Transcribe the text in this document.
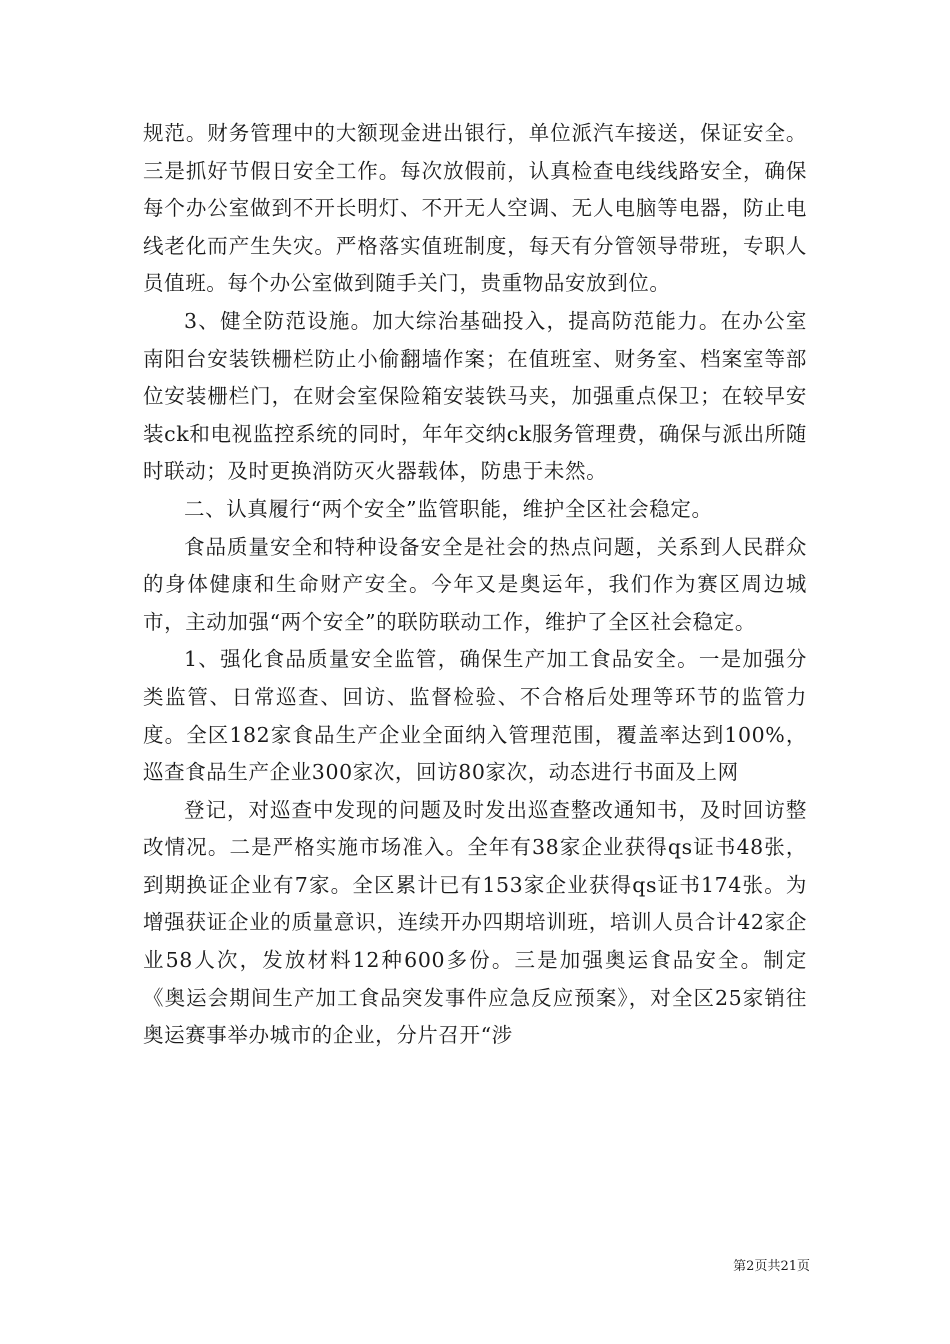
规范。财务管理中的大额现金进出银行，单位派汽车接送，保证安全。三是抓好节假日安全工作。每次放假前，认真检查电线线路安全，确保每个办公室做到不开长明灯、不开无人空调、无人电脑等电器，防止电线老化而产生失灾。严格落实值班制度，每天有分管领导带班，专职人员值班。每个办公室做到随手关门，贵重物品安放到位。

3、健全防范设施。加大综治基础投入，提高防范能力。在办公室南阳台安装铁栅栏防止小偷翻墙作案；在值班室、财务室、档案室等部位安装栅栏门，在财会室保险箱安装铁马夹，加强重点保卫；在较早安装ck和电视监控系统的同时，年年交纳ck服务管理费，确保与派出所随时联动；及时更换消防灭火器载体，防患于未然。

二、认真履行“两个安全”监管职能，维护全区社会稳定。

食品质量安全和特种设备安全是社会的热点问题，关系到人民群众的身体健康和生命财产安全。今年又是奥运年，我们作为赛区周边城市，主动加强“两个安全”的联防联动工作，维护了全区社会稳定。

1、强化食品质量安全监管，确保生产加工食品安全。一是加强分类监管、日常巡查、回访、监督检验、不合格后处理等环节的监管力度。全区182家食品生产企业全面纳入管理范围，覆盖率达到100%，巡查食品生产企业300家次，回访80家次，动态进行书面及上网

登记，对巡查中发现的问题及时发出巡查整改通知书，及时回访整改情况。二是严格实施市场准入。全年有38家企业获得qs证书48张，到期换证企业有7家。全区累计已有153家企业获得qs证书174张。为增强获证企业的质量意识，连续开办四期培训班，培训人员合计42家企业58人次，发放材料12种600多份。三是加强奥运食品安全。制定《奥运会期间生产加工食品突发事件应急反应预案》，对全区25家销往奥运赛事举办城市的企业，分片召开“涉

第2页共21页
